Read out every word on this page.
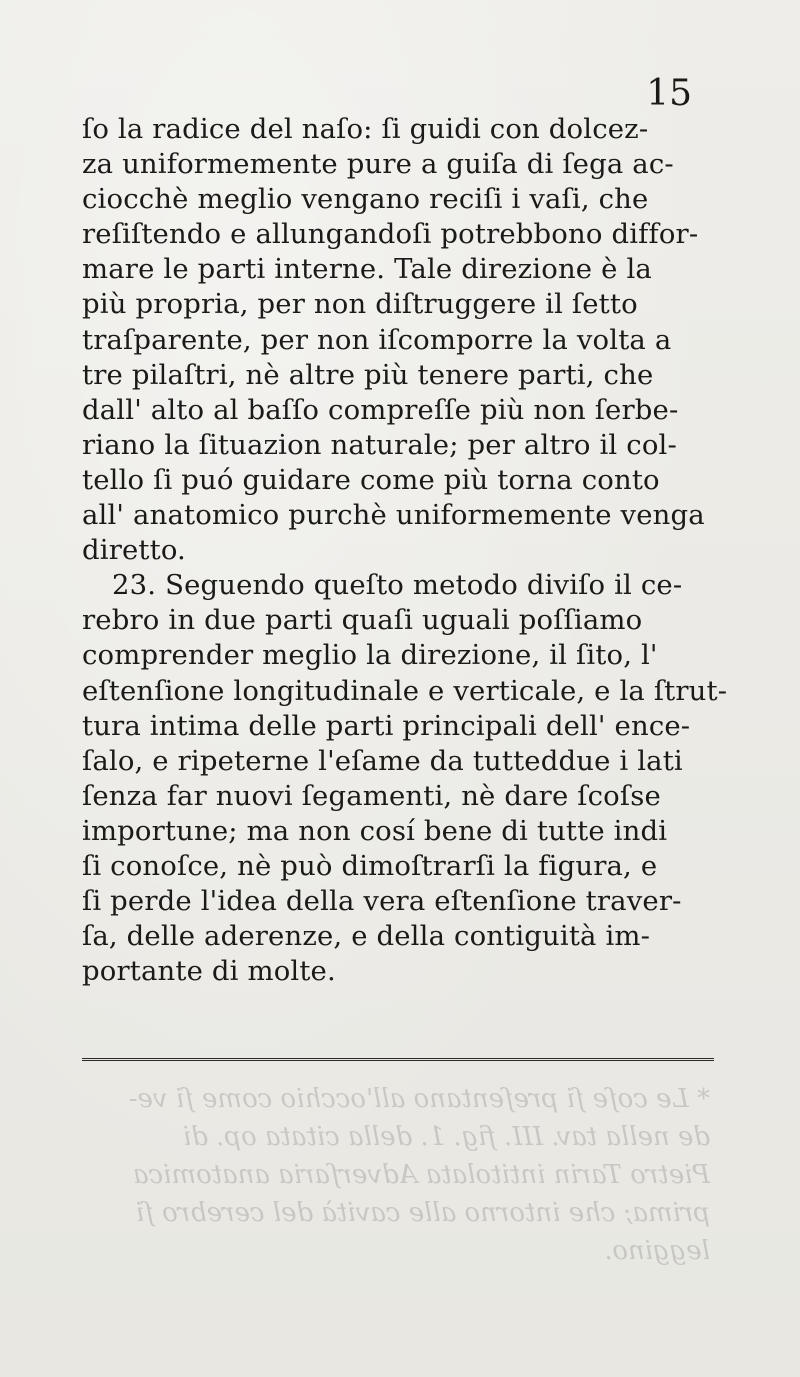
15
ſo la radice del naſo: ſi guidi con dolcez-
za uniformemente pure a guiſa di ſega ac-
ciocchè meglio vengano reciſi i vaſi, che
reſiſtendo e allungandoſi potrebbono diffor-
mare le parti interne. Tale direzione è la
più propria, per non diſtruggere il ſetto
traſparente, per non iſcomporre la volta a
tre pilaſtri, nè altre più tenere parti, che
dall' alto al baſſo compreſſe più non ſerbe-
riano la ſituazion naturale; per altro il col-
tello ſi puó guidare come più torna conto
all' anatomico purchè uniformemente venga
diretto.
23. Seguendo queſto metodo diviſo il ce-
rebro in due parti quaſi uguali poſſiamo
comprender meglio la direzione, il ſito, l'
eſtenſione longitudinale e verticale, e la ſtrut-
tura intima delle parti principali dell' ence-
ſalo, e ripeterne l'eſame da tutteddue i lati
ſenza far nuovi ſegamenti, nè dare ſcoſse
importune; ma non cosí bene di tutte indi
ſi conoſce, nè può dimoſtrarſi la figura, e
ſi perde l'idea della vera eſtenſione traver-
ſa, delle aderenze, e della contiguità im-
portante di molte.
* Le coſe ſi preſentano all'occhio come ſi ve-
de nella tav. III. fig. 1. della citata op. di
Pietro Tarin intitolata Adverſaria anatomica
prima; che intorno alle cavità del cerebro ſi
leggino.
